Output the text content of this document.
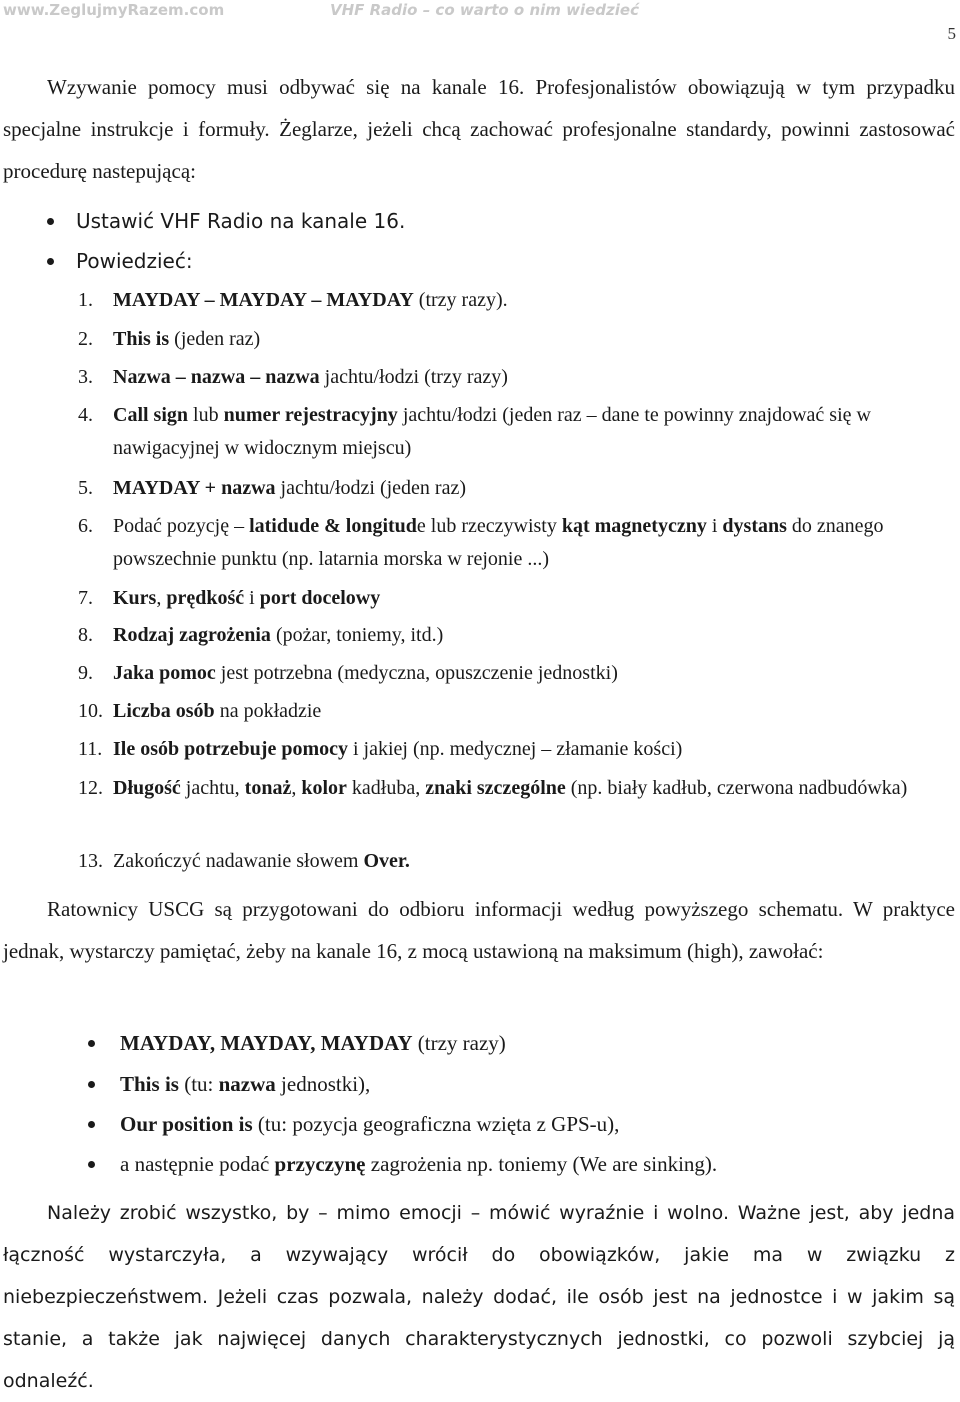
www.ZeglujmyRazem.com	VHF Radio – co warto o nim wiedzieć
5

Wzywanie pomocy musi odbywać się na kanale 16. Profesjonalistów obowiązują w tym przypadku specjalne instrukcje i formuły. Żeglarze, jeżeli chcą zachować profesjonalne standardy, powinni zastosować procedurę nastepującą:

Ustawić VHF Radio na kanale 16.
Powiedzieć:
1. MAYDAY – MAYDAY – MAYDAY (trzy razy).
2. This is (jeden raz)
3. Nazwa – nazwa – nazwa jachtu/łodzi (trzy razy)
4. Call sign lub numer rejestracyjny jachtu/łodzi (jeden raz – dane te powinny znajdować się w nawigacyjnej w widocznym miejscu)
5. MAYDAY + nazwa jachtu/łodzi (jeden raz)
6. Podać pozycję – latidude & longitude lub rzeczywisty kąt magnetyczny i dystans do znanego powszechnie punktu (np. latarnia morska w rejonie ...)
7. Kurs, prędkość i port docelowy
8. Rodzaj zagrożenia (pożar, toniemy, itd.)
9. Jaka pomoc jest potrzebna (medyczna, opuszczenie jednostki)
10. Liczba osób na pokładzie
11. Ile osób potrzebuje pomocy i jakiej (np. medycznej – złamanie kości)
12. Długość jachtu, tonaż, kolor kadłuba, znaki szczególne (np. biały kadłub, czerwona nadbudówka)
13. Zakończyć nadawanie słowem Over.

Ratownicy USCG są przygotowani do odbioru informacji według powyższego schematu. W praktyce jednak, wystarczy pamiętać, żeby na kanale 16, z mocą ustawioną na maksimum (high), zawołać:

MAYDAY, MAYDAY, MAYDAY (trzy razy)
This is (tu: nazwa jednostki),
Our position is (tu: pozycja geograficzna wzięta z GPS-u),
a następnie podać przyczynę zagrożenia np. toniemy (We are sinking).

Należy zrobić wszystko, by – mimo emocji – mówić wyraźnie i wolno. Ważne jest, aby jedna łączność wystarczyła, a wzywający wrócił do obowiązków, jakie ma w związku z niebezpieczeństwem. Jeżeli czas pozwala, należy dodać, ile osób jest na jednostce i w jakim są stanie, a także jak najwięcej danych charakterystycznych jednostki, co pozwoli szybciej ją odnaleźć.
